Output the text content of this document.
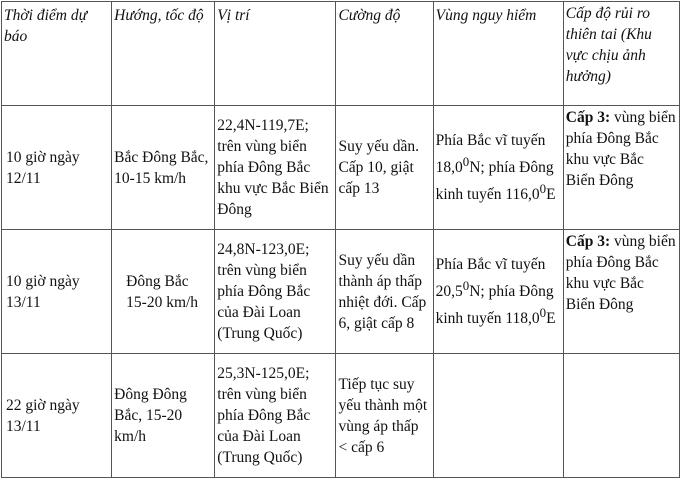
Thời điểm dự báo	Hướng, tốc độ	Vị trí	Cường độ	Vùng nguy hiểm	Cấp độ rủi ro thiên tai (Khu vực chịu ảnh hưởng)
10 giờ ngày 12/11	Bắc Đông Bắc, 10-15 km/h	22,4N-119,7E; trên vùng biển phía Đông Bắc khu vực Bắc Biển Đông	Suy yếu dần. Cấp 10, giật cấp 13	Phía Bắc vĩ tuyến 18,0$^0$N; phía Đông kinh tuyến 116,0$^0$E	Cấp 3: vùng biển phía Đông Bắc khu vực Bắc Biển Đông
10 giờ ngày 13/11	Đông Bắc 15-20 km/h	24,8N-123,0E; trên vùng biển phía Đông Bắc của Đài Loan (Trung Quốc)	Suy yếu dần thành áp thấp nhiệt đới. Cấp 6, giật cấp 8	Phía Bắc vĩ tuyến 20,5$^0$N; phía Đông kinh tuyến 118,0$^0$E	Cấp 3: vùng biển phía Đông Bắc khu vực Bắc Biển Đông
22 giờ ngày 13/11	Đông Đông Bắc, 15-20 km/h	25,3N-125,0E; trên vùng biển phía Đông Bắc của Đài Loan (Trung Quốc)	Tiếp tục suy yếu thành một vùng áp thấp < cấp 6		
